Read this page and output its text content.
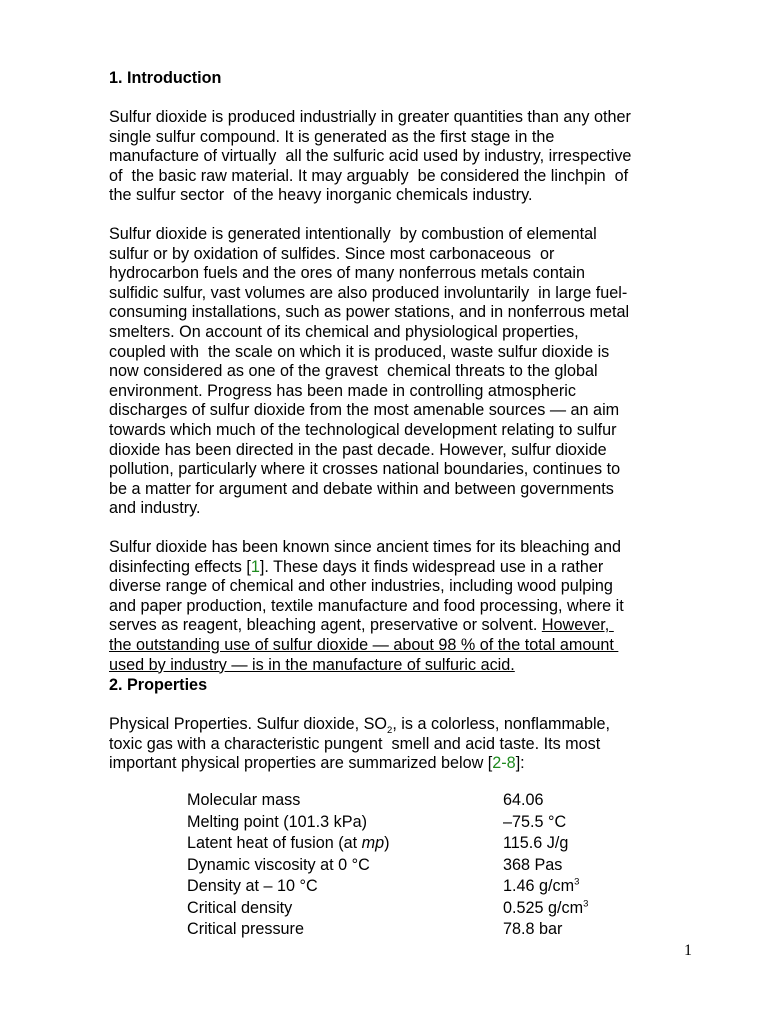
1. Introduction
Sulfur dioxide is produced industrially in greater quantities than any other
single sulfur compound. It is generated as the first stage in the
manufacture of virtually  all the sulfuric acid used by industry, irrespective
of  the basic raw material. It may arguably  be considered the linchpin  of
the sulfur sector  of the heavy inorganic chemicals industry.
Sulfur dioxide is generated intentionally  by combustion of elemental
sulfur or by oxidation of sulfides. Since most carbonaceous  or
hydrocarbon fuels and the ores of many nonferrous metals contain
sulfidic sulfur, vast volumes are also produced involuntarily  in large fuel-
consuming installations, such as power stations, and in nonferrous metal
smelters. On account of its chemical and physiological properties,
coupled with  the scale on which it is produced, waste sulfur dioxide is
now considered as one of the gravest  chemical threats to the global
environment. Progress has been made in controlling atmospheric
discharges of sulfur dioxide from the most amenable sources — an aim
towards which much of the technological development relating to sulfur
dioxide has been directed in the past decade. However, sulfur dioxide
pollution, particularly where it crosses national boundaries, continues to
be a matter for argument and debate within and between governments
and industry.
Sulfur dioxide has been known since ancient times for its bleaching and
disinfecting effects [1]. These days it finds widespread use in a rather
diverse range of chemical and other industries, including wood pulping
and paper production, textile manufacture and food processing, where it
serves as reagent, bleaching agent, preservative or solvent. However,
the outstanding use of sulfur dioxide — about 98 % of the total amount
used by industry — is in the manufacture of sulfuric acid.
2. Properties
Physical Properties. Sulfur dioxide, $SO_2$, is a colorless, nonflammable,
toxic gas with a characteristic pungent  smell and acid taste. Its most
important physical properties are summarized below [2-8]:

Molecular mass

	64.06

Melting point (101.3 kPa)

	–75.5 °C

Latent heat of fusion (at mp)

	115.6 J/g

Dynamic viscosity at 0 °C

	368 Pas

Density at – 10 °C

	1.46 $g/cm^3$

Critical density

	0.525 $g/cm^3$

Critical pressure

	78.8 bar

1
